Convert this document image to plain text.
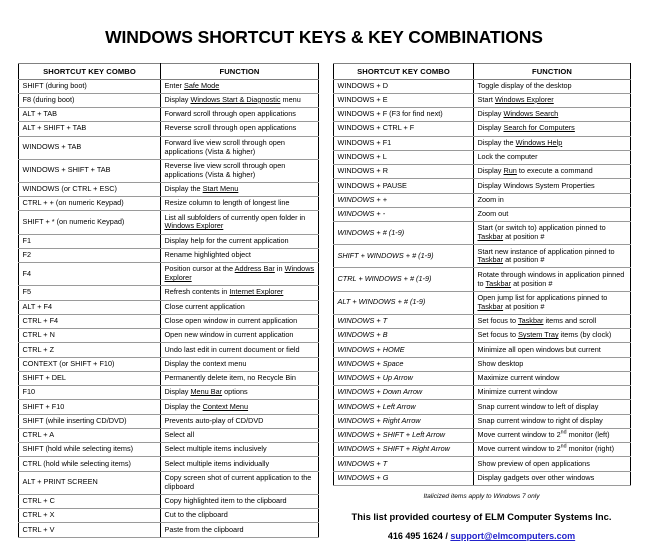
WINDOWS SHORTCUT KEYS & KEY COMBINATIONS
SHORTCUT KEY COMBO	FUNCTION
SHIFT (during boot)	Enter Safe Mode
F8 (during boot)	Display Windows Start & Diagnostic menu
ALT + TAB	Forward scroll through open applications
ALT + SHIFT + TAB	Reverse scroll through open applications
WINDOWS + TAB	Forward live view scroll through open applications (Vista & higher)
WINDOWS + SHIFT + TAB	Reverse live view scroll through open applications (Vista & higher)
WINDOWS (or CTRL + ESC)	Display the Start Menu
CTRL + + (on numeric Keypad)	Resize column to length of longest line
SHIFT + * (on numeric Keypad)	List all subfolders of currently open folder in Windows Explorer
F1	Display help for the current application
F2	Rename highlighted object
F4	Position cursor at the Address Bar in Windows Explorer
F5	Refresh contents in Internet Explorer
ALT + F4	Close current application
CTRL + F4	Close open window in current application
CTRL + N	Open new window in current application
CTRL + Z	Undo last edit in current document or field
CONTEXT (or SHIFT + F10)	Display the context menu
SHIFT + DEL	Permanently delete item, no Recycle Bin
F10	Display Menu Bar options
SHIFT + F10	Display the Context Menu
SHIFT (while inserting CD/DVD)	Prevents auto-play of CD/DVD
CTRL + A	Select all
SHIFT (hold while selecting items)	Select multiple items inclusively
CTRL (hold while selecting items)	Select multiple items individually
ALT + PRINT SCREEN	Copy screen shot of current application to the clipboard
CTRL + C	Copy highlighted item to the clipboard
CTRL + X	Cut to the clipboard
CTRL + V	Paste from the clipboard
SHORTCUT KEY COMBO	FUNCTION
WINDOWS + D	Toggle display of the desktop
WINDOWS + E	Start Windows Explorer
WINDOWS + F (F3 for find next)	Display Windows Search
WINDOWS + CTRL + F	Display Search for Computers
WINDOWS + F1	Display the Windows Help
WINDOWS + L	Lock the computer
WINDOWS + R	Display Run to execute a command
WINDOWS + PAUSE	Display Windows System Properties
WINDOWS + +	Zoom in
WINDOWS + -	Zoom out
WINDOWS + # (1-9)	Start (or switch to) application pinned to Taskbar at position #
SHIFT + WINDOWS + # (1-9)	Start new instance of application pinned to Taskbar at position #
CTRL + WINDOWS + # (1-9)	Rotate through windows in application pinned to Taskbar at position #
ALT + WINDOWS + # (1-9)	Open jump list for applications pinned to Taskbar at position #
WINDOWS + T	Set focus to Taskbar items and scroll
WINDOWS + B	Set focus to System Tray items (by clock)
WINDOWS + HOME	Minimize all open windows but current
WINDOWS + Space	Show desktop
WINDOWS + Up Arrow	Maximize current window
WINDOWS + Down Arrow	Minimize current window
WINDOWS + Left Arrow	Snap current window to left of display
WINDOWS + Right Arrow	Snap current window to right of display
WINDOWS + SHIFT + Left Arrow	Move current window to 2nd monitor (left)
WINDOWS + SHIFT + Right Arrow	Move current window to 2nd monitor (right)
WINDOWS + T	Show preview of open applications
WINDOWS + G	Display gadgets over other windows
Italicized items apply to Windows 7 only
This list provided courtesy of ELM Computer Systems Inc.
416 495 1624 / support@elmcomputers.com
